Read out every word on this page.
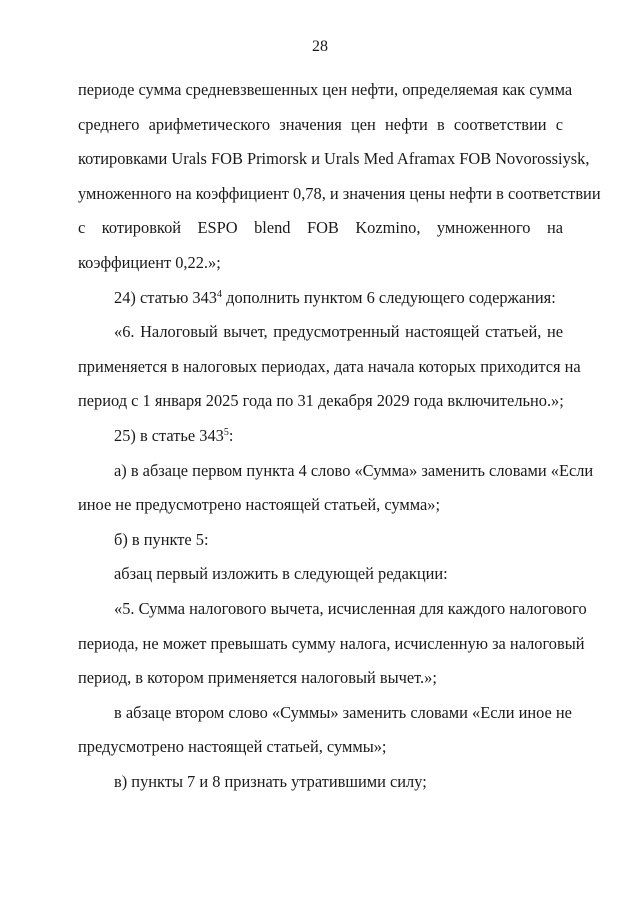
28
периоде сумма средневзвешенных цен нефти, определяемая как сумма
среднего арифметического значения цен нефти в соответствии с
котировками Urals FOB Primorsk и Urals Med Aframax FOB Novorossiysk,
умноженного на коэффициент 0,78, и значения цены нефти в соответствии
с котировкой ESPO blend FOB Kozmino, умноженного на
коэффициент 0,22.»;
24) статью $343^4$ дополнить пунктом 6 следующего содержания:
«6. Налоговый вычет, предусмотренный настоящей статьей, не
применяется в налоговых периодах, дата начала которых приходится на
период с 1 января 2025 года по 31 декабря 2029 года включительно.»;
25) в статье $343^5$:
а) в абзаце первом пункта 4 слово «Сумма» заменить словами «Если
иное не предусмотрено настоящей статьей, сумма»;
б) в пункте 5:
абзац первый изложить в следующей редакции:
«5. Сумма налогового вычета, исчисленная для каждого налогового
периода, не может превышать сумму налога, исчисленную за налоговый
период, в котором применяется налоговый вычет.»;
в абзаце втором слово «Суммы» заменить словами «Если иное не
предусмотрено настоящей статьей, суммы»;
в) пункты 7 и 8 признать утратившими силу;
